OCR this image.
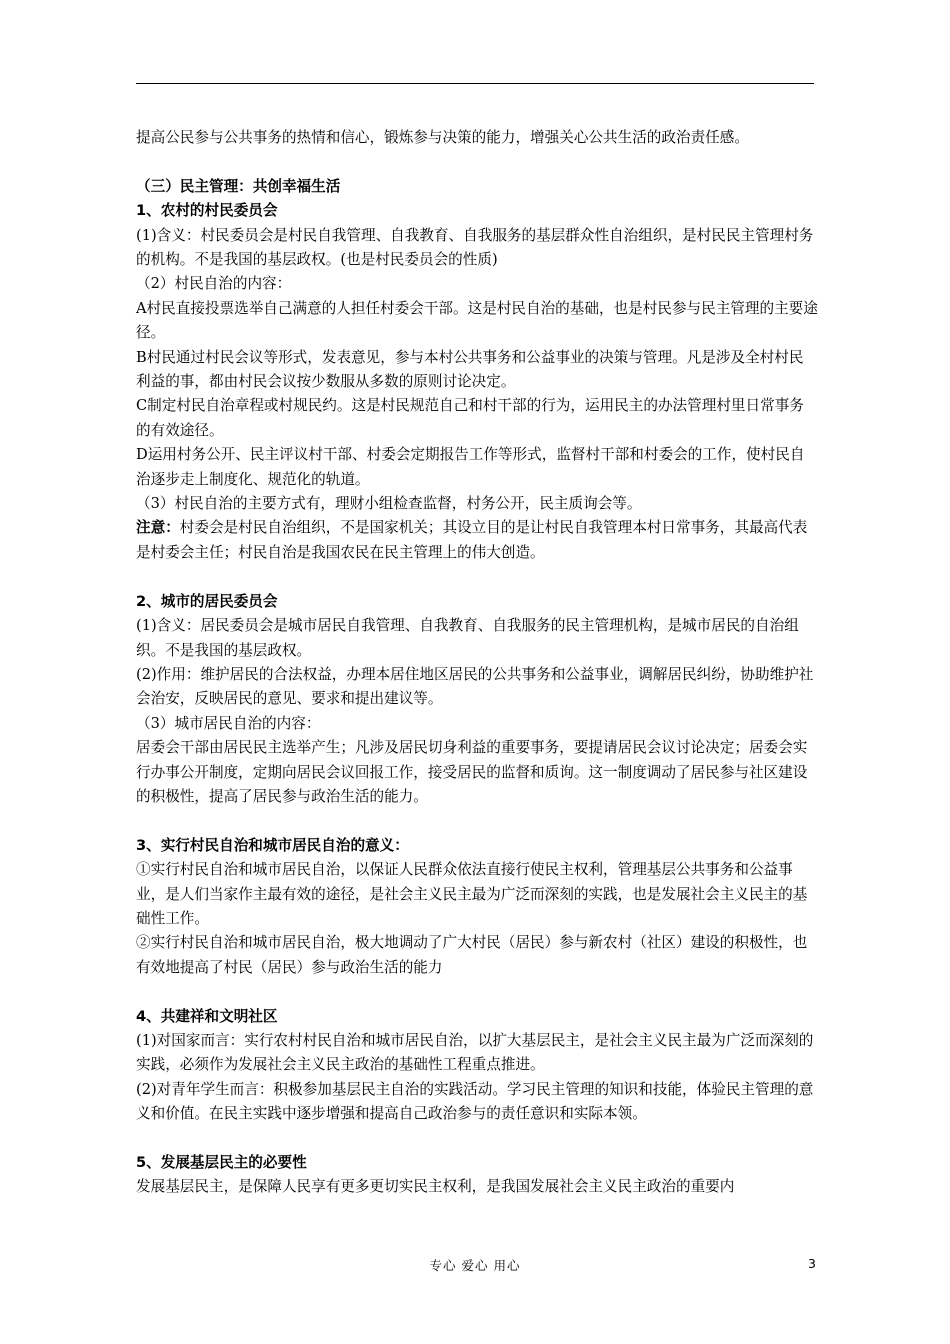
提高公民参与公共事务的热情和信心，锻炼参与决策的能力，增强关心公共生活的政治责任感。

（三）民主管理：共创幸福生活

1、农村的村民委员会

(1)含义：村民委员会是村民自我管理、自我教育、自我服务的基层群众性自治组织，是村民民主管理村务的机构。不是我国的基层政权。(也是村民委员会的性质)

（2）村民自治的内容：

A村民直接投票选举自己满意的人担任村委会干部。这是村民自治的基础，也是村民参与民主管理的主要途径。

B村民通过村民会议等形式，发表意见，参与本村公共事务和公益事业的决策与管理。凡是涉及全村村民利益的事，都由村民会议按少数服从多数的原则讨论决定。

C制定村民自治章程或村规民约。这是村民规范自己和村干部的行为，运用民主的办法管理村里日常事务的有效途径。

D运用村务公开、民主评议村干部、村委会定期报告工作等形式，监督村干部和村委会的工作，使村民自治逐步走上制度化、规范化的轨道。

（3）村民自治的主要方式有，理财小组检查监督，村务公开，民主质询会等。

注意：村委会是村民自治组织，不是国家机关；其设立目的是让村民自我管理本村日常事务，其最高代表是村委会主任；村民自治是我国农民在民主管理上的伟大创造。

2、城市的居民委员会

(1)含义：居民委员会是城市居民自我管理、自我教育、自我服务的民主管理机构，是城市居民的自治组织。不是我国的基层政权。

(2)作用：维护居民的合法权益，办理本居住地区居民的公共事务和公益事业，调解居民纠纷，协助维护社会治安，反映居民的意见、要求和提出建议等。

（3）城市居民自治的内容：

居委会干部由居民民主选举产生；凡涉及居民切身利益的重要事务，要提请居民会议讨论决定；居委会实行办事公开制度，定期向居民会议回报工作，接受居民的监督和质询。这一制度调动了居民参与社区建设的积极性，提高了居民参与政治生活的能力。

3、实行村民自治和城市居民自治的意义：

①实行村民自治和城市居民自治，以保证人民群众依法直接行使民主权利，管理基层公共事务和公益事业，是人们当家作主最有效的途径，是社会主义民主最为广泛而深刻的实践，也是发展社会主义民主的基础性工作。

②实行村民自治和城市居民自治，极大地调动了广大村民（居民）参与新农村（社区）建设的积极性，也有效地提高了村民（居民）参与政治生活的能力

4、共建祥和文明社区

(1)对国家而言：实行农村村民自治和城市居民自治，以扩大基层民主，是社会主义民主最为广泛而深刻的实践，必须作为发展社会主义民主政治的基础性工程重点推进。

(2)对青年学生而言：积极参加基层民主自治的实践活动。学习民主管理的知识和技能，体验民主管理的意义和价值。在民主实践中逐步增强和提高自己政治参与的责任意识和实际本领。

5、发展基层民主的必要性

发展基层民主，是保障人民享有更多更切实民主权利，是我国发展社会主义民主政治的重要内

专心 爱心 用心	3
